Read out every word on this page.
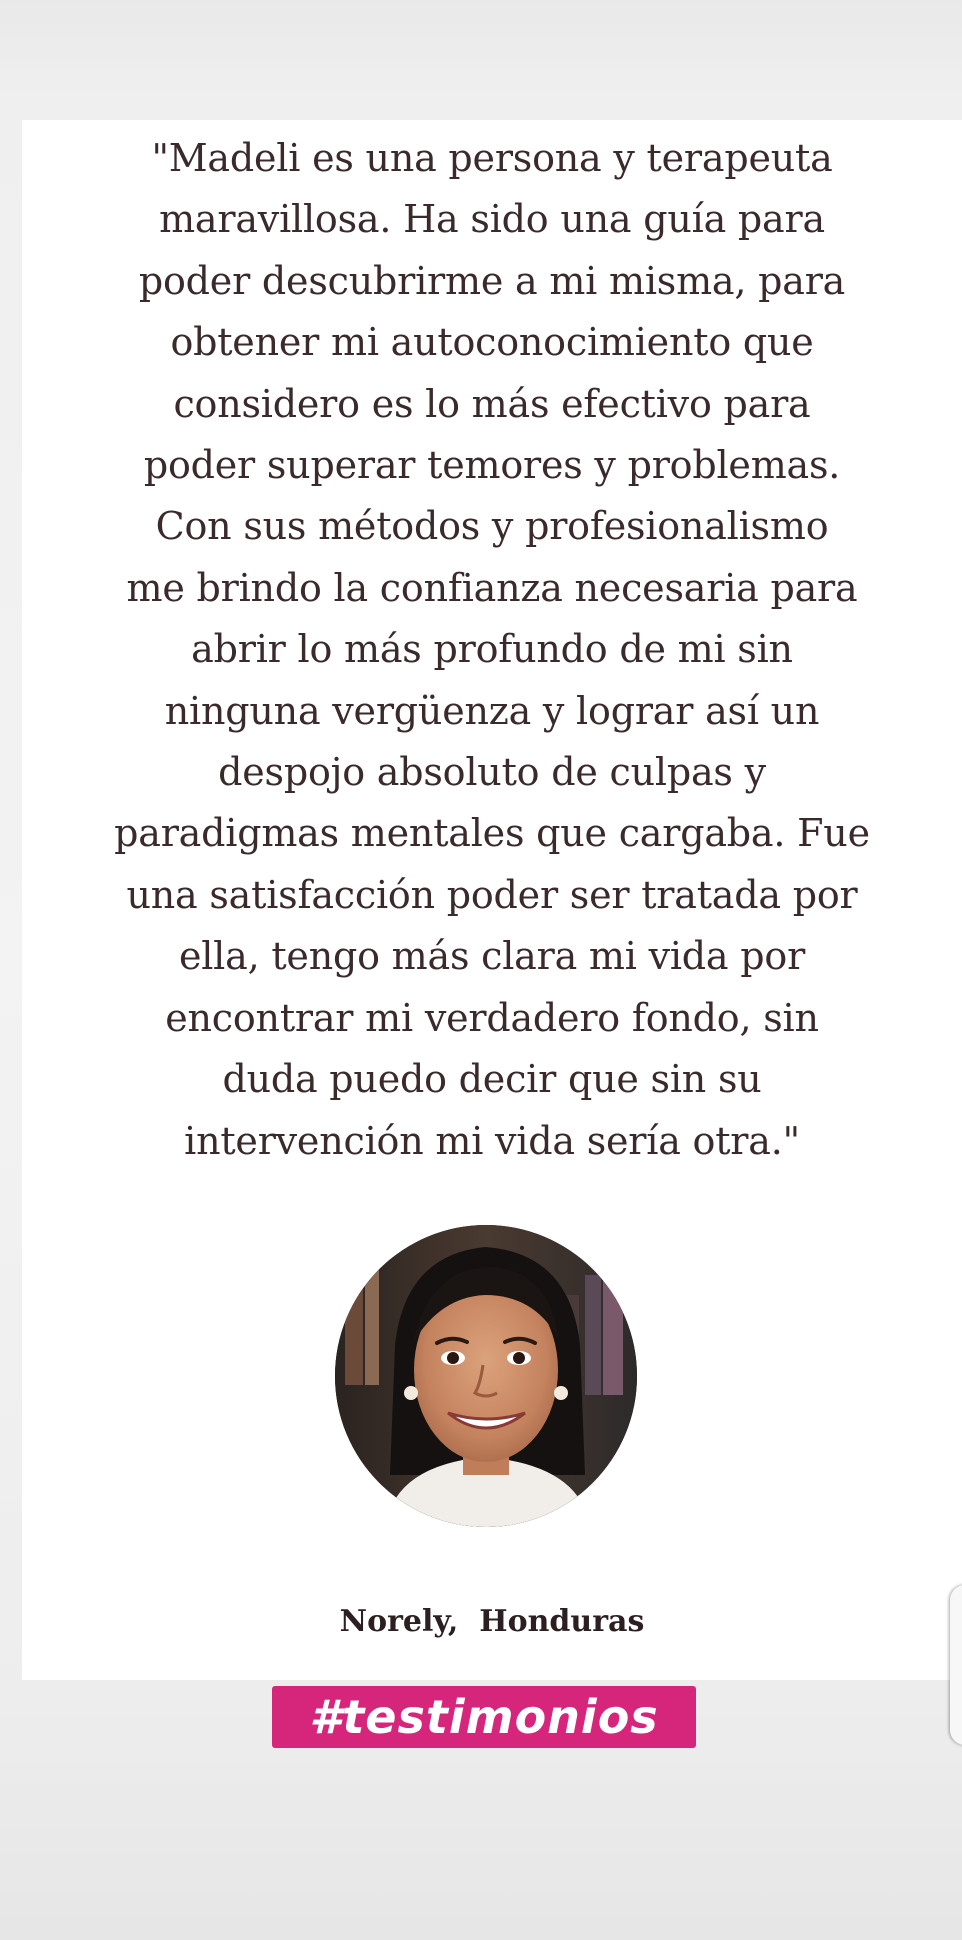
"Madeli es una persona y terapeuta
maravillosa. Ha sido una guía para
poder descubrirme a mi misma, para
obtener mi autoconocimiento que
considero es lo más efectivo para
poder superar temores y problemas.
Con sus métodos y profesionalismo
me brindo la confianza necesaria para
abrir lo más profundo de mi sin
ninguna vergüenza y lograr así un
despojo absoluto de culpas y
paradigmas mentales que cargaba. Fue
una satisfacción poder ser tratada por
ella, tengo más clara mi vida por
encontrar mi verdadero fondo, sin
duda puedo decir que sin su
intervención mi vida sería otra."
Norely,  Honduras
#testimonios
